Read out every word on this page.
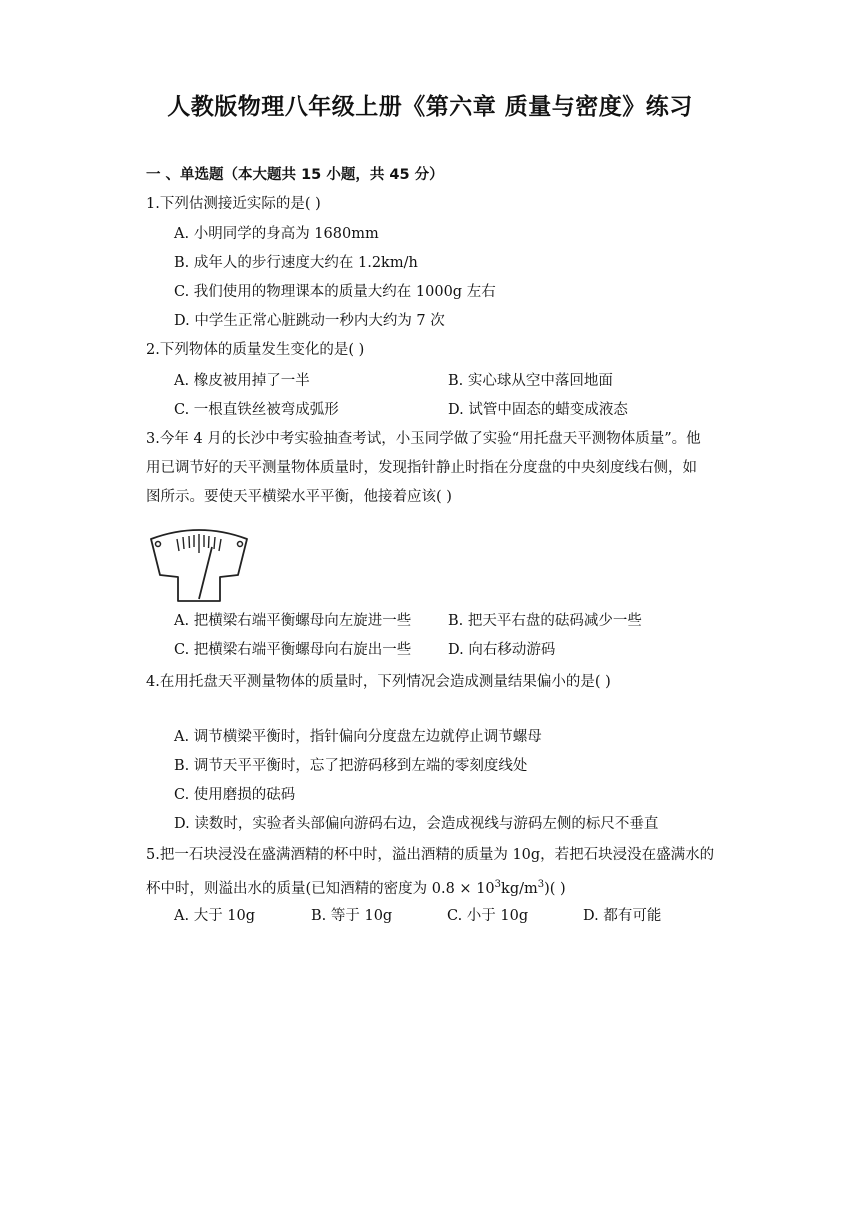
人教版物理八年级上册《第六章 质量与密度》练习
一 、单选题（本大题共 15 小题，共 45 分）
1.下列估测接近实际的是( )
A. 小明同学的身高为 1680mm
B. 成年人的步行速度大约在 1.2km/h
C. 我们使用的物理课本的质量大约在 1000g 左右
D. 中学生正常心脏跳动一秒内大约为 7 次
2.下列物体的质量发生变化的是( )
A. 橡皮被用掉了一半	B. 实心球从空中落回地面
C. 一根直铁丝被弯成弧形	D. 试管中固态的蜡变成液态
3.今年 4 月的长沙中考实验抽查考试，小玉同学做了实验“用托盘天平测物体质量”。他用已调节好的天平测量物体质量时，发现指针静止时指在分度盘的中央刻度线右侧，如图所示。要使天平横梁水平平衡，他接着应该( )
A. 把横梁右端平衡螺母向左旋进一些	B. 把天平右盘的砝码减少一些
C. 把横梁右端平衡螺母向右旋出一些	D. 向右移动游码
4.在用托盘天平测量物体的质量时，下列情况会造成测量结果偏小的是( )
A. 调节横梁平衡时，指针偏向分度盘左边就停止调节螺母
B. 调节天平平衡时，忘了把游码移到左端的零刻度线处
C. 使用磨损的砝码
D. 读数时，实验者头部偏向游码右边，会造成视线与游码左侧的标尺不垂直
5.把一石块浸没在盛满酒精的杯中时，溢出酒精的质量为 10g，若把石块浸没在盛满水的杯中时，则溢出水的质量(已知酒精的密度为 $0.8 \times 10^3kg/m^3$)( )
A. 大于 10g	B. 等于 10g	C. 小于 10g	D. 都有可能
